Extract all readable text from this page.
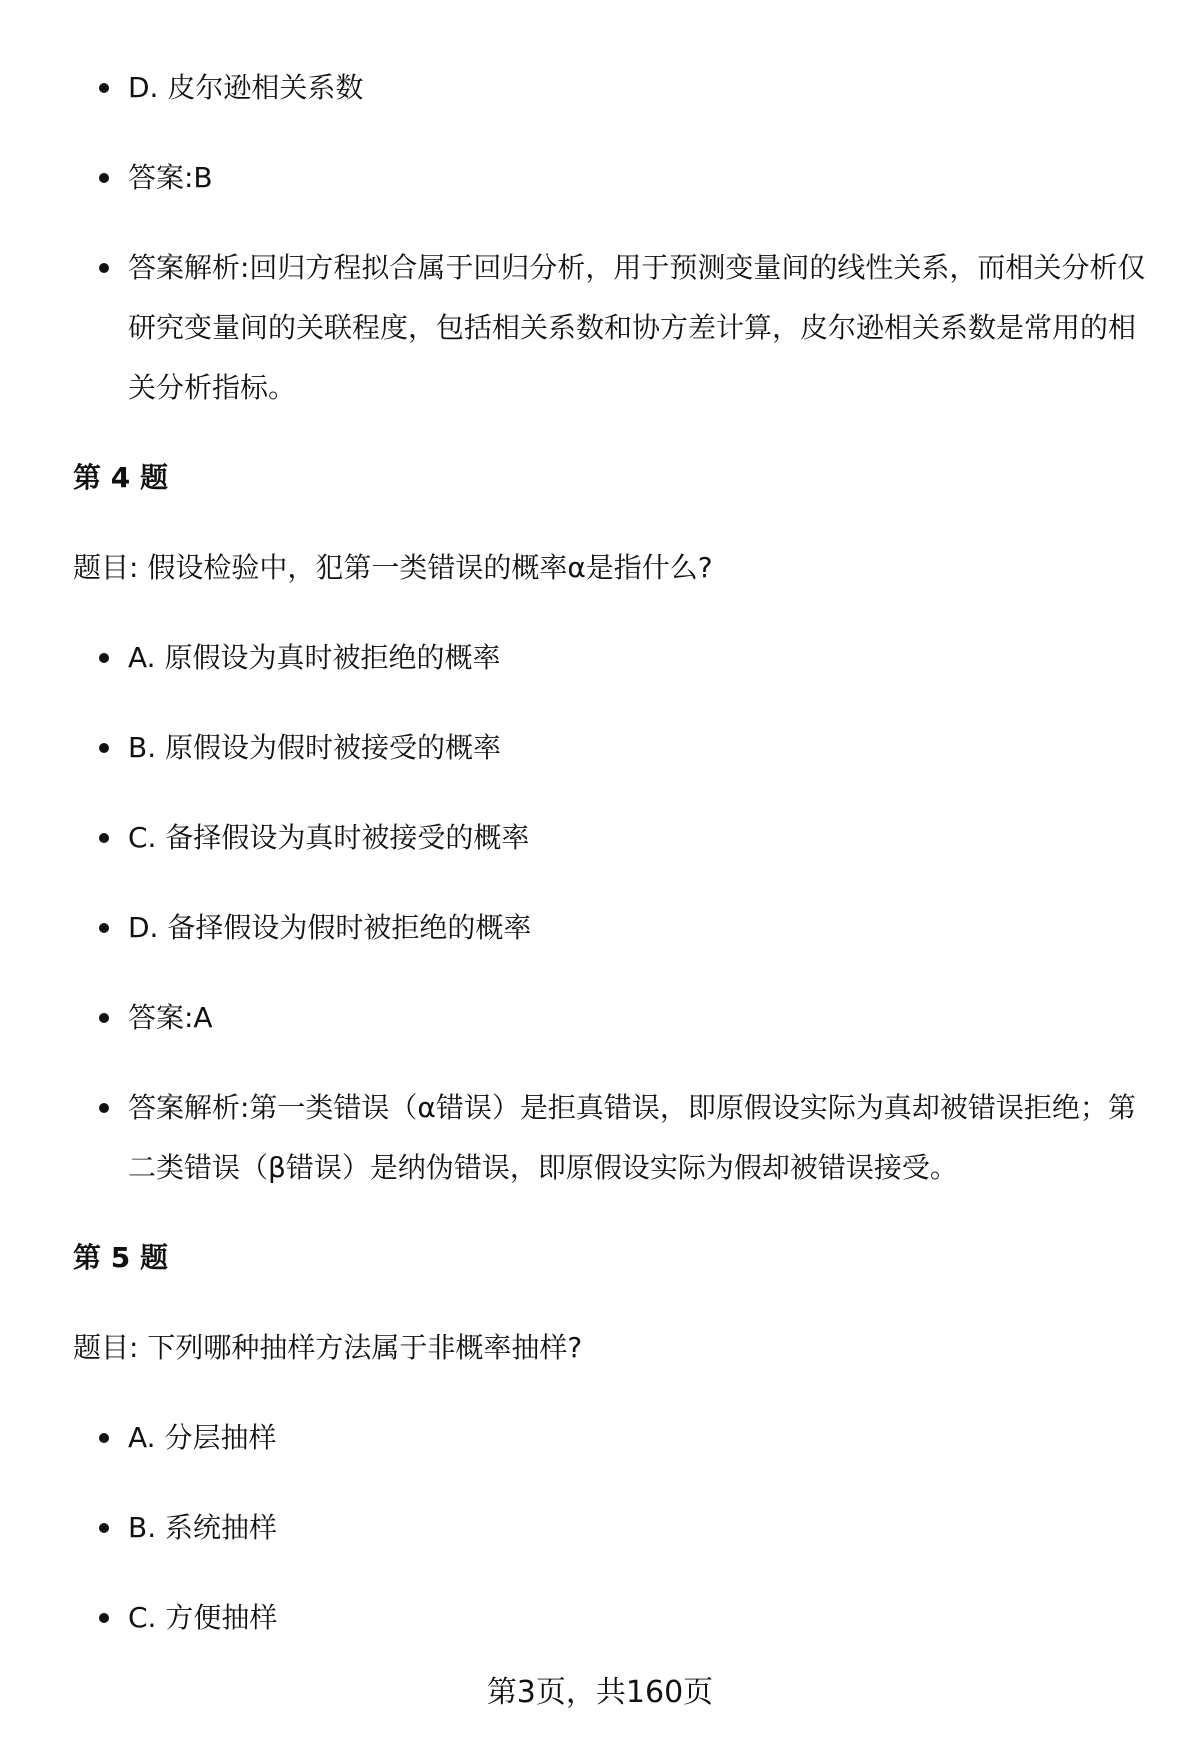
D. 皮尔逊相关系数
答案:B
答案解析:回归方程拟合属于回归分析，用于预测变量间的线性关系，而相关分析仅研究变量间的关联程度，包括相关系数和协方差计算，皮尔逊相关系数是常用的相关分析指标。
第 4 题
题目: 假设检验中，犯第一类错误的概率α是指什么?
A. 原假设为真时被拒绝的概率
B. 原假设为假时被接受的概率
C. 备择假设为真时被接受的概率
D. 备择假设为假时被拒绝的概率
答案:A
答案解析:第一类错误（α错误）是拒真错误，即原假设实际为真却被错误拒绝；第二类错误（β错误）是纳伪错误，即原假设实际为假却被错误接受。
第 5 题
题目: 下列哪种抽样方法属于非概率抽样?
A. 分层抽样
B. 系统抽样
C. 方便抽样
第3页，共160页
